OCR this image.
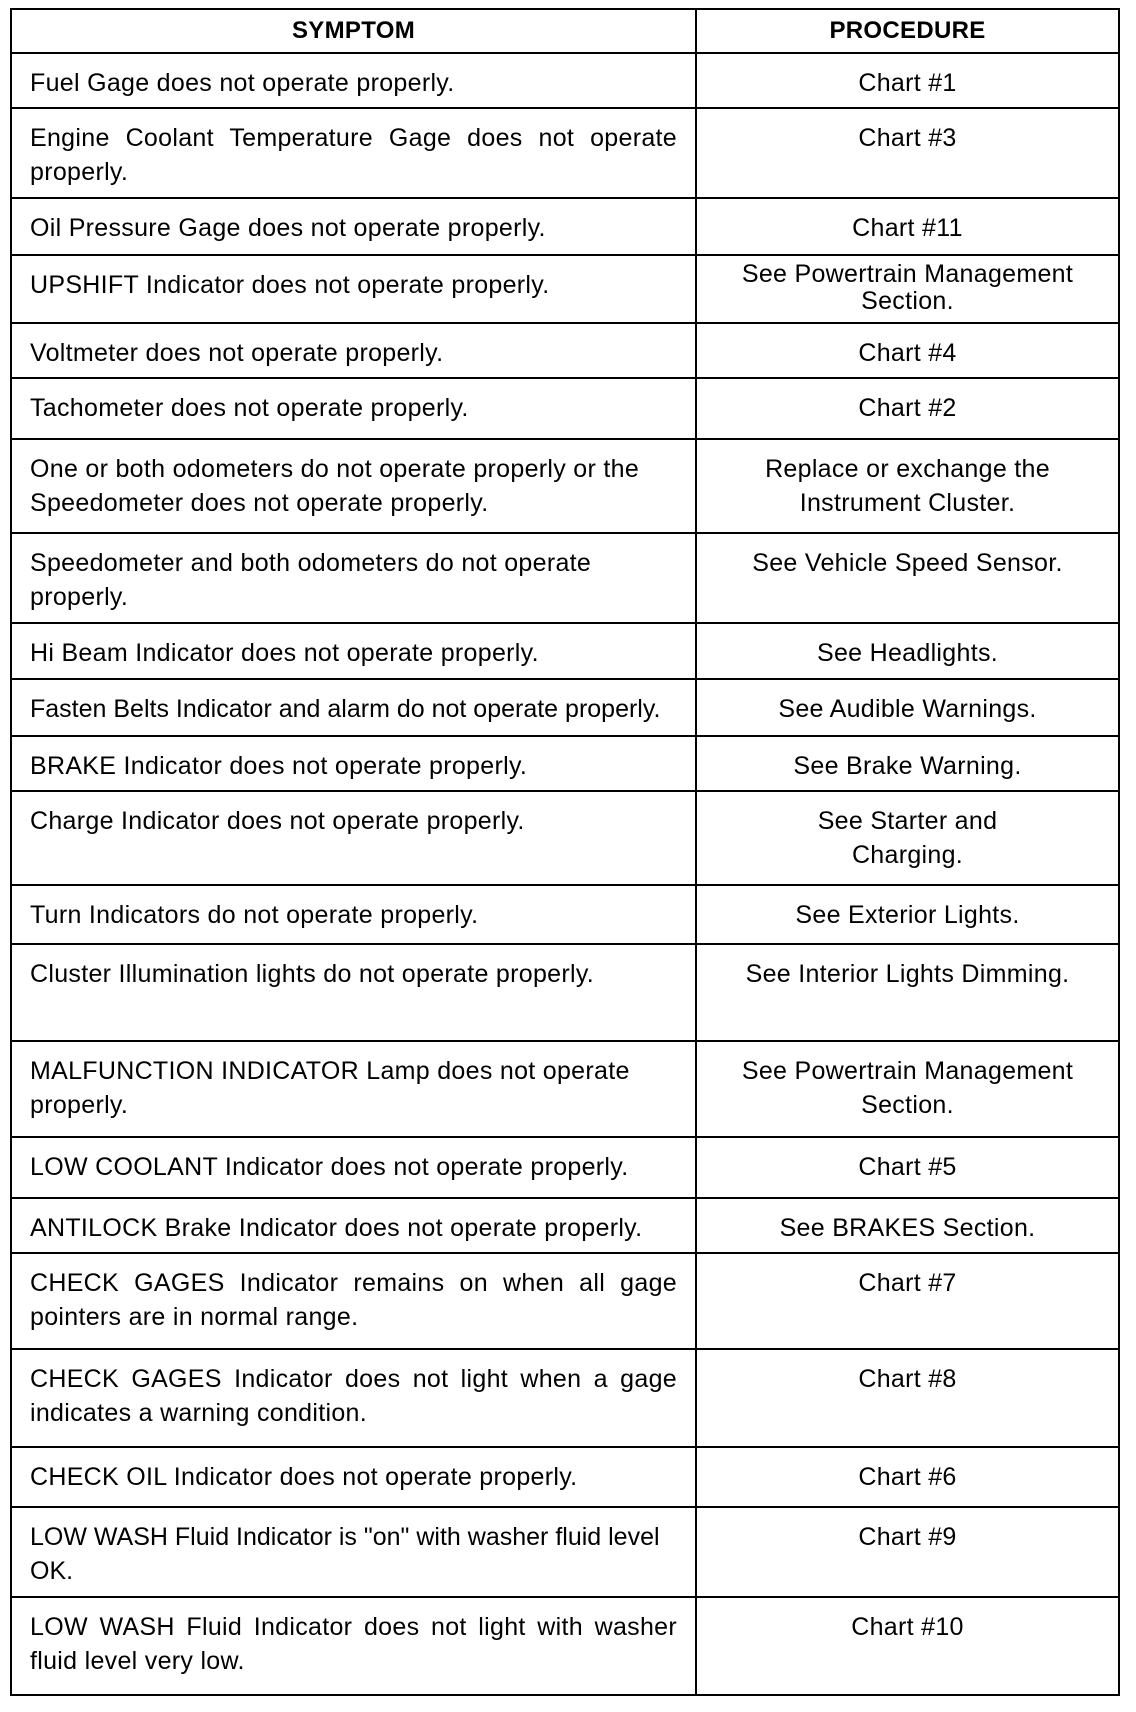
SYMPTOM	PROCEDURE
Fuel Gage does not operate properly.	Chart #1
Engine Coolant Temperature Gage does not operate properly.	Chart #3
Oil Pressure Gage does not operate properly.	Chart #11
UPSHIFT Indicator does not operate properly.	See Powertrain Management Section.
Voltmeter does not operate properly.	Chart #4
Tachometer does not operate properly.	Chart #2
One or both odometers do not operate properly or the Speedometer does not operate properly.	Replace or exchange the Instrument Cluster.
Speedometer and both odometers do not operate properly.	See Vehicle Speed Sensor.
Hi Beam Indicator does not operate properly.	See Headlights.
Fasten Belts Indicator and alarm do not operate properly.	See Audible Warnings.
BRAKE Indicator does not operate properly.	See Brake Warning.
Charge Indicator does not operate properly.	See Starter and Charging.
Turn Indicators do not operate properly.	See Exterior Lights.
Cluster Illumination lights do not operate properly.	See Interior Lights Dimming.
MALFUNCTION INDICATOR Lamp does not operate properly.	See Powertrain Management Section.
LOW COOLANT Indicator does not operate properly.	Chart #5
ANTILOCK Brake Indicator does not operate properly.	See BRAKES Section.
CHECK GAGES Indicator remains on when all gage pointers are in normal range.	Chart #7
CHECK GAGES Indicator does not light when a gage indicates a warning condition.	Chart #8
CHECK OIL Indicator does not operate properly.	Chart #6
LOW WASH Fluid Indicator is "on" with washer fluid level OK.	Chart #9
LOW WASH Fluid Indicator does not light with washer fluid level very low.	Chart #10
